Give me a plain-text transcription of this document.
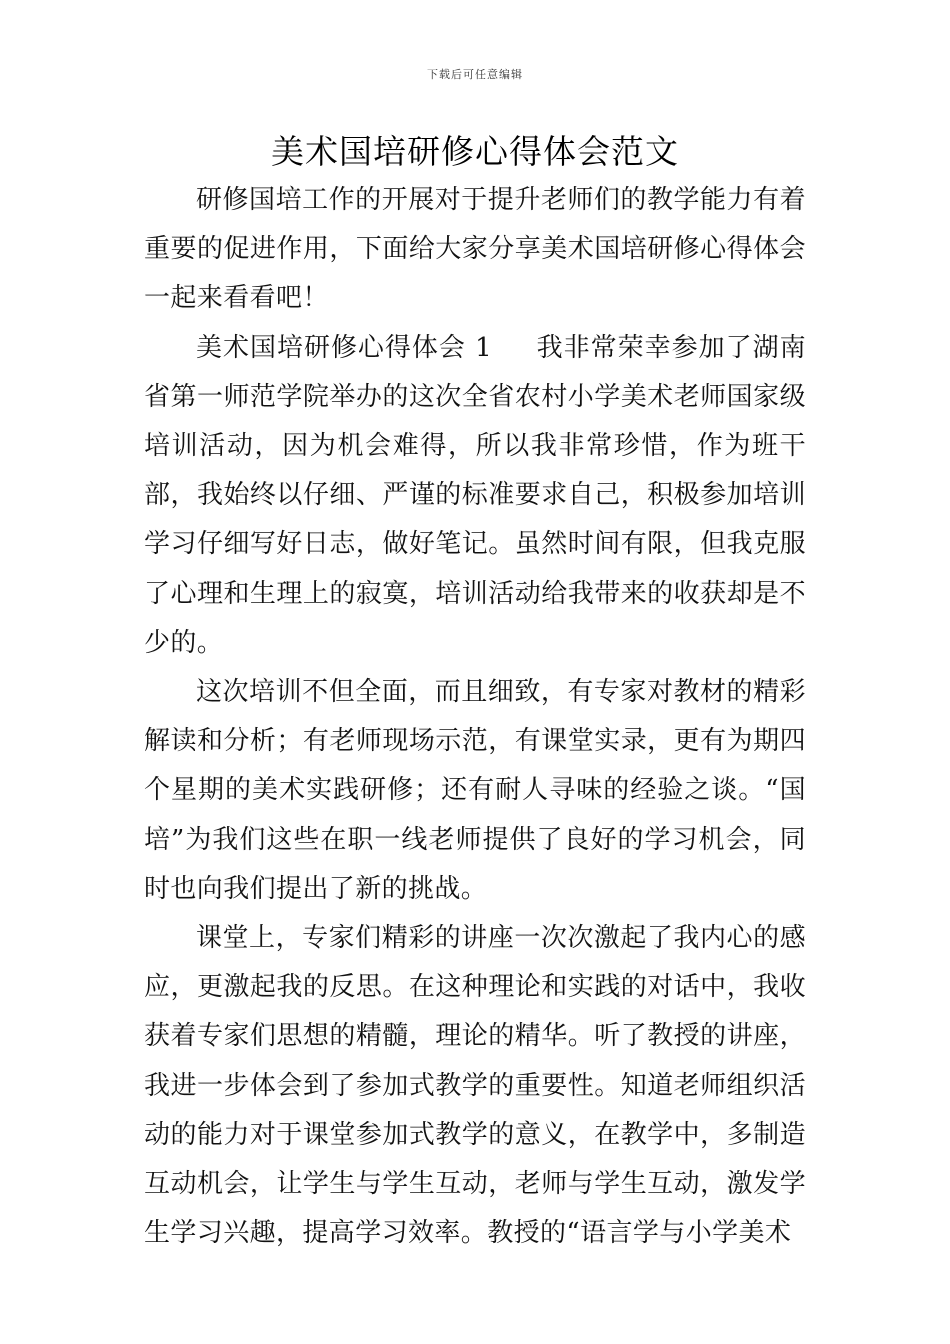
下载后可任意编辑
美术国培研修心得体会范文

研修国培工作的开展对于提升老师们的教学能力有着重要的促进作用，下面给大家分享美术国培研修心得体会一起来看看吧！

美术国培研修心得体会 1 我非常荣幸参加了湖南省第一师范学院举办的这次全省农村小学美术老师国家级培训活动，因为机会难得，所以我非常珍惜，作为班干部，我始终以仔细、严谨的标准要求自己，积极参加培训学习仔细写好日志，做好笔记。虽然时间有限，但我克服了心理和生理上的寂寞，培训活动给我带来的收获却是不少的。

这次培训不但全面，而且细致，有专家对教材的精彩解读和分析；有老师现场示范，有课堂实录，更有为期四个星期的美术实践研修；还有耐人寻味的经验之谈。“国培”为我们这些在职一线老师提供了良好的学习机会，同时也向我们提出了新的挑战。

课堂上，专家们精彩的讲座一次次激起了我内心的感应，更激起我的反思。在这种理论和实践的对话中，我收获着专家们思想的精髓，理论的精华。听了教授的讲座，我进一步体会到了参加式教学的重要性。知道老师组织活动的能力对于课堂参加式教学的意义，在教学中，多制造互动机会，让学生与学生互动，老师与学生互动，激发学生学习兴趣，提高学习效率。教授的“语言学与小学美术
